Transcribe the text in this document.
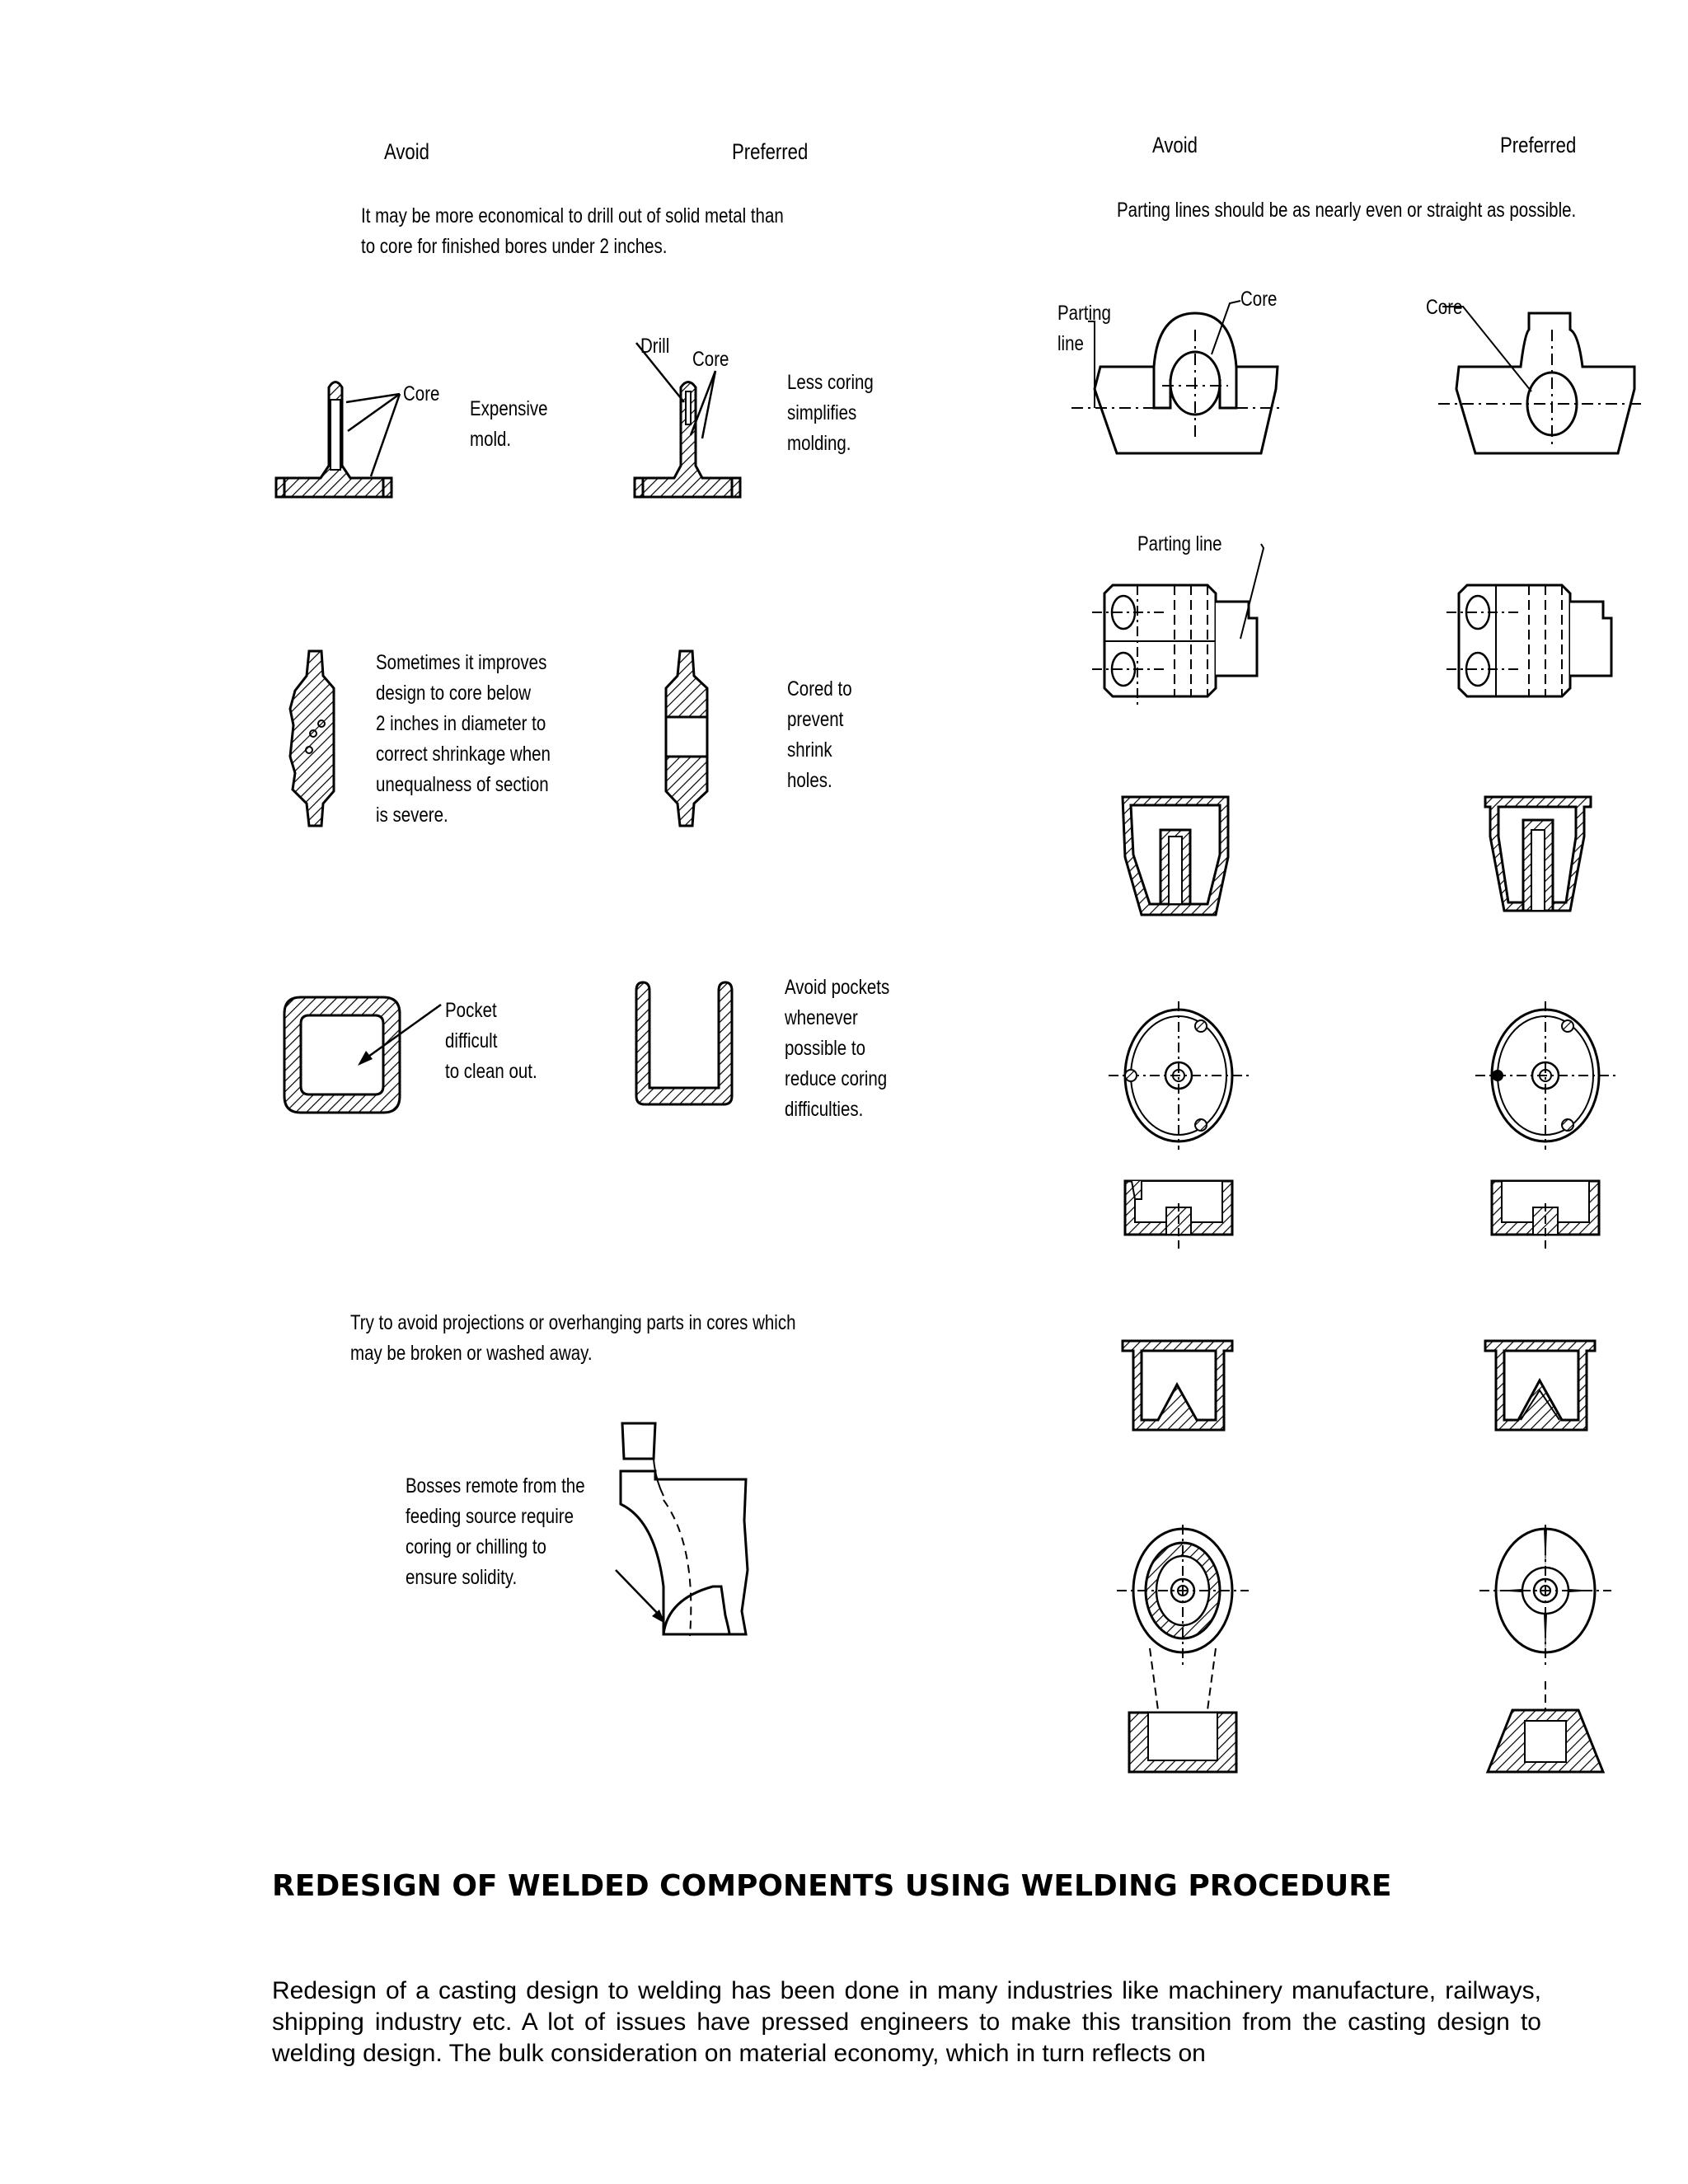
Avoid	Preferred
It may be more economical to drill out of solid metal than
to core for finished bores under 2 inches.
Core
Expensive
mold.
Drill
Core
Less coring
simplifies
molding.
Sometimes it improves
design to core below
2 inches in diameter to
correct shrinkage when
unequalness of section
is severe.
Cored to
prevent
shrink
holes.
Pocket
difficult
to clean out.
Avoid pockets
whenever
possible to
reduce coring
difficulties.
Try to avoid projections or overhanging parts in cores which
may be broken or washed away.
Bosses remote from the
feeding source require
coring or chilling to
ensure solidity.
Avoid	Preferred
Parting lines should be as nearly even or straight as possible.
Parting
line
Core	Core
Parting line
REDESIGN OF WELDED COMPONENTS USING WELDING PROCEDURE
Redesign of a casting design to welding has been done in many industries like machinery manufacture, railways, shipping industry etc. A lot of issues have pressed engineers to make this transition from the casting design to welding design. The bulk consideration on material economy, which in turn reflects on
